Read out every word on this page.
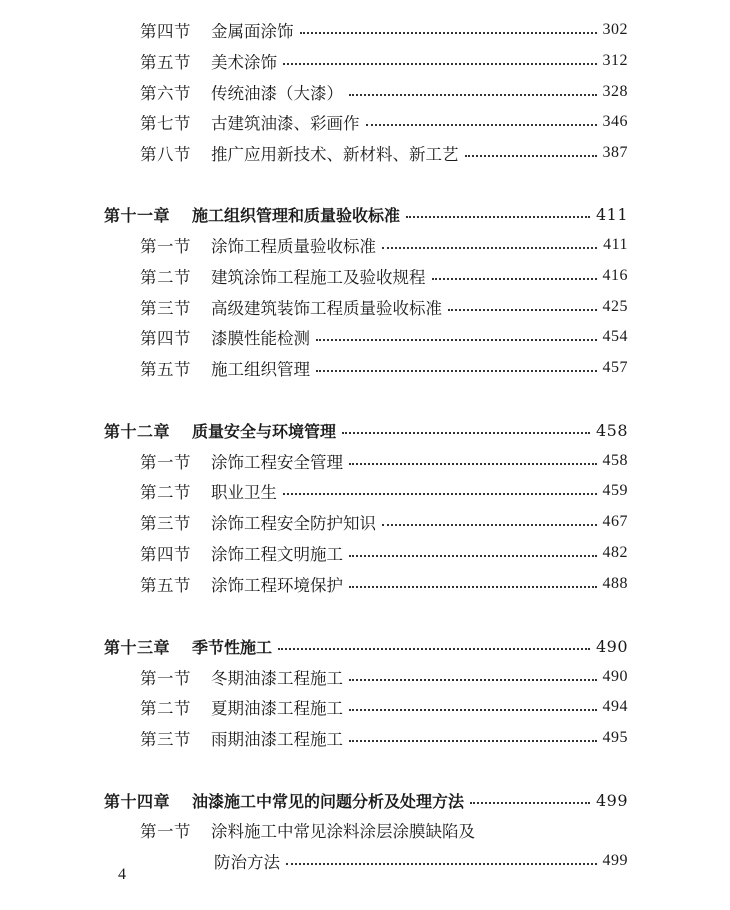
第四节 金属面涂饰	302
第五节 美术涂饰	312
第六节 传统油漆（大漆）	328
第七节 古建筑油漆、彩画作	346
第八节 推广应用新技术、新材料、新工艺	387
第十一章 施工组织管理和质量验收标准	411
第一节 涂饰工程质量验收标准	411
第二节 建筑涂饰工程施工及验收规程	416
第三节 高级建筑装饰工程质量验收标准	425
第四节 漆膜性能检测	454
第五节 施工组织管理	457
第十二章 质量安全与环境管理	458
第一节 涂饰工程安全管理	458
第二节 职业卫生	459
第三节 涂饰工程安全防护知识	467
第四节 涂饰工程文明施工	482
第五节 涂饰工程环境保护	488
第十三章 季节性施工	490
第一节 冬期油漆工程施工	490
第二节 夏期油漆工程施工	494
第三节 雨期油漆工程施工	495
第十四章 油漆施工中常见的问题分析及处理方法	499
第一节 涂料施工中常见涂料涂层涂膜缺陷及
防治方法	499
4
